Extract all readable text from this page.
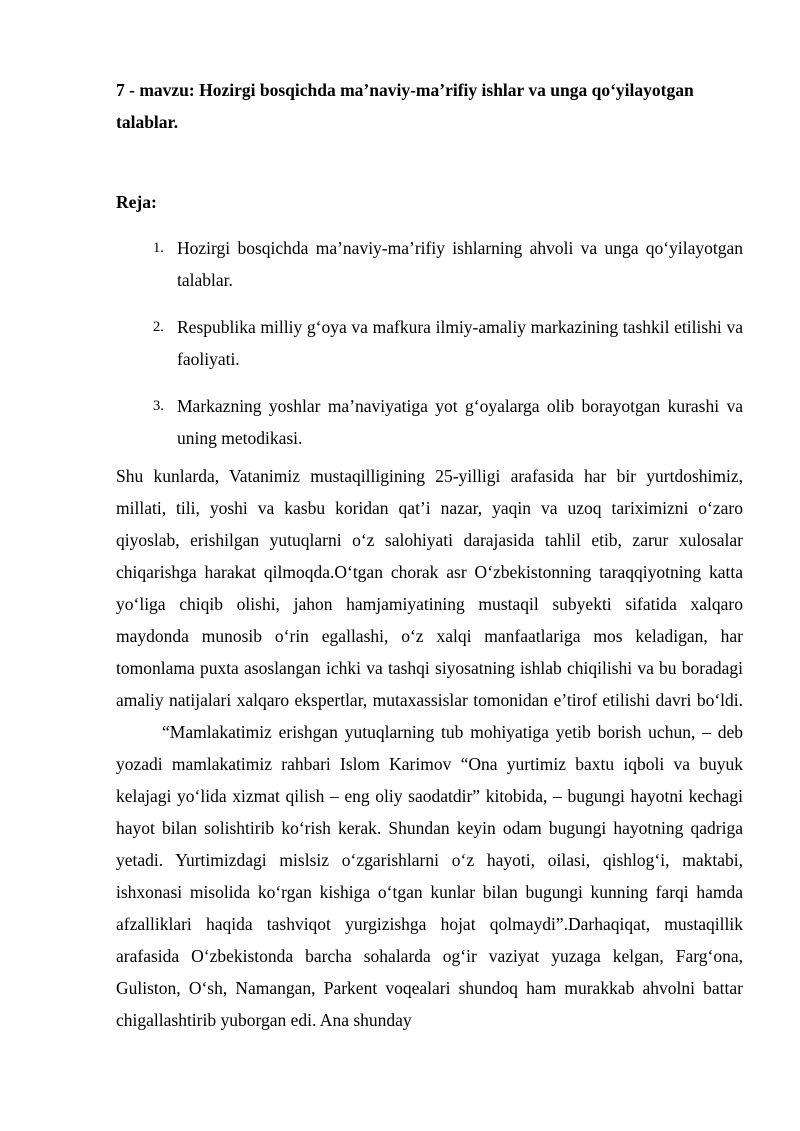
7 - mavzu: Hozirgi bosqichda ma’naviy-ma’rifiy ishlar va unga qo‘yilayotgan talablar.

Reja:
1. Hozirgi bosqichda ma’naviy-ma’rifiy ishlarning ahvoli va unga qo‘yilayotgan talablar.
2. Respublika milliy g‘oya va mafkura ilmiy-amaliy markazining tashkil etilishi va faoliyati.
3. Markazning yoshlar ma’naviyatiga yot g‘oyalarga olib borayotgan kurashi va uning metodikasi.

Shu kunlarda, Vatanimiz mustaqilligining 25-yilligi arafasida har bir yurtdoshimiz, millati, tili, yoshi va kasbu koridan qat’i nazar, yaqin va uzoq tariximizni o‘zaro qiyoslab, erishilgan yutuqlarni o‘z salohiyati darajasida tahlil etib, zarur xulosalar chiqarishga harakat qilmoqda.O‘tgan chorak asr O‘zbekistonning taraqqiyotning katta yo‘liga chiqib olishi, jahon hamjamiyatining mustaqil subyekti sifatida xalqaro maydonda munosib o‘rin egallashi, o‘z xalqi manfaatlariga mos keladigan, har tomonlama puxta asoslangan ichki va tashqi siyosatning ishlab chiqilishi va bu boradagi amaliy natijalari xalqaro ekspertlar, mutaxassislar tomonidan e’tirof etilishi davri bo‘ldi.“Mamlakatimiz erishgan yutuqlarning tub mohiyatiga yetib borish uchun, – deb yozadi mamlakatimiz rahbari Islom Karimov “Ona yurtimiz baxtu iqboli va buyuk kelajagi yo‘lida xizmat qilish – eng oliy saodatdir” kitobida, – bugungi hayotni kechagi hayot bilan solishtirib ko‘rish kerak. Shundan keyin odam bugungi hayotning qadriga yetadi. Yurtimizdagi mislsiz o‘zgarishlarni o‘z hayoti, oilasi, qishlog‘i, maktabi, ishxonasi misolida ko‘rgan kishiga o‘tgan kunlar bilan bugungi kunning farqi hamda afzalliklari haqida tashviqot yurgizishga hojat qolmaydi”.Darhaqiqat, mustaqillik arafasida O‘zbekistonda barcha sohalarda og‘ir vaziyat yuzaga kelgan, Farg‘ona, Guliston, O‘sh, Namangan, Parkent voqealari shundoq ham murakkab ahvolni battar chigallashtirib yuborgan edi. Ana shunday
